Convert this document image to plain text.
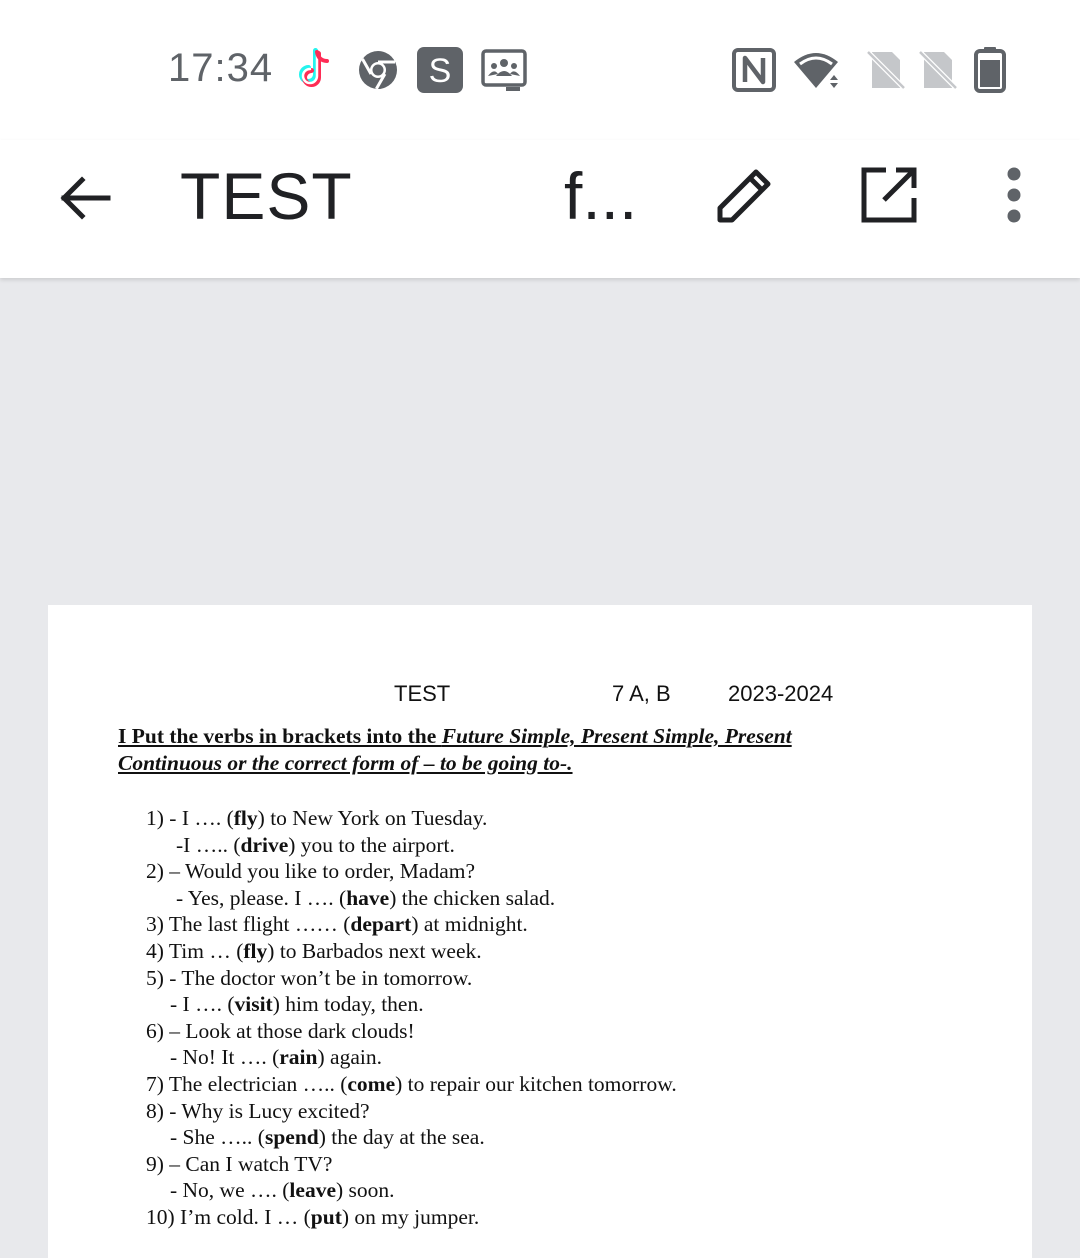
17:34	S
TEST	f...
TEST	7 A, B	2023-2024
I Put the verbs in brackets into the Future Simple, Present Simple, Present
Continuous or the correct form of – to be going to-.
1) - I …. (fly) to New York on Tuesday.
-I ….. (drive) you to the airport.
2) – Would you like to order, Madam?
- Yes, please. I …. (have) the chicken salad.
3) The last flight …… (depart) at midnight.
4) Tim … (fly) to Barbados next week.
5) - The doctor won’t be in tomorrow.
- I …. (visit) him today, then.
6) – Look at those dark clouds!
- No! It …. (rain) again.
7) The electrician ….. (come) to repair our kitchen tomorrow.
8) - Why is Lucy excited?
- She ….. (spend) the day at the sea.
9) – Can I watch TV?
- No, we …. (leave) soon.
10) I’m cold. I … (put) on my jumper.
